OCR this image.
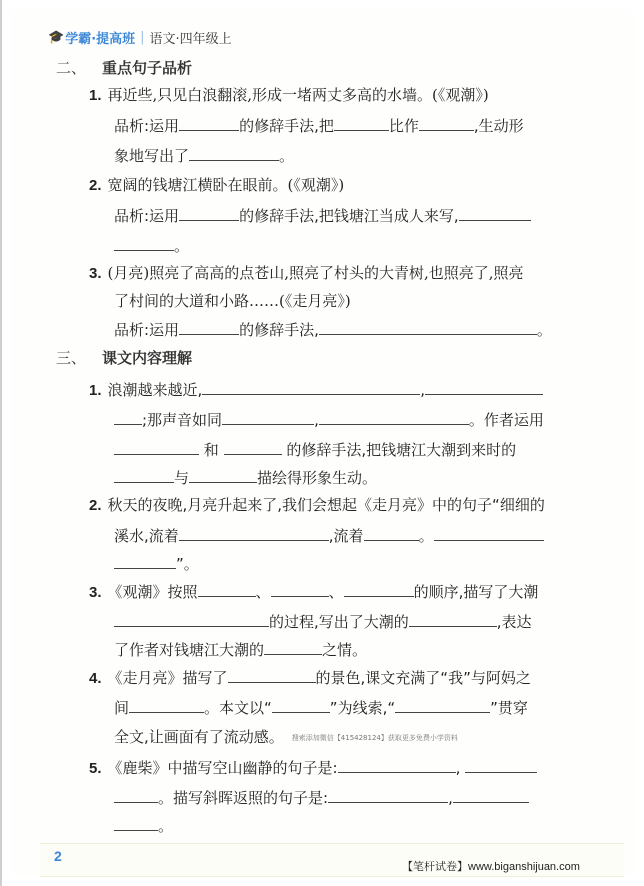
🎓 学霸·提高班 | 语文·四年级上
二、 重点句子品析
1. 再近些,只见白浪翻滚,形成一堵两丈多高的水墙。(《观潮》)
品析:运用	的修辞手法,把	比作	,生动形
象地写出了	。
2. 宽阔的钱塘江横卧在眼前。(《观潮》)
品析:运用	的修辞手法,把钱塘江当成人来写,
。
3. (月亮)照亮了高高的点苍山,照亮了村头的大青树,也照亮了,照亮
了村间的大道和小路……(《走月亮》)
品析:运用	的修辞手法,	。
三、 课文内容理解
1. 浪潮越来越近,	,
;那声音如同	,	。作者运用
和	的修辞手法,把钱塘江大潮到来时的
与	描绘得形象生动。
2. 秋天的夜晚,月亮升起来了,我们会想起《走月亮》中的句子“细细的
溪水,流着	,流着	。
”。
3. 《观潮》按照	、	、	的顺序,描写了大潮
的过程,写出了大潮的	,表达
了作者对钱塘江大潮的	之情。
4. 《走月亮》描写了	的景色,课文充满了“我”与阿妈之
间	。本文以“	”为线索,“	”贯穿
全文,让画面有了流动感。 搜索添加微信【415428124】获取更多免费小学资料
5. 《鹿柴》中描写空山幽静的句子是:	,
。描写斜晖返照的句子是:	,
。
2
【笔杆试卷】www.biganshijuan.com
